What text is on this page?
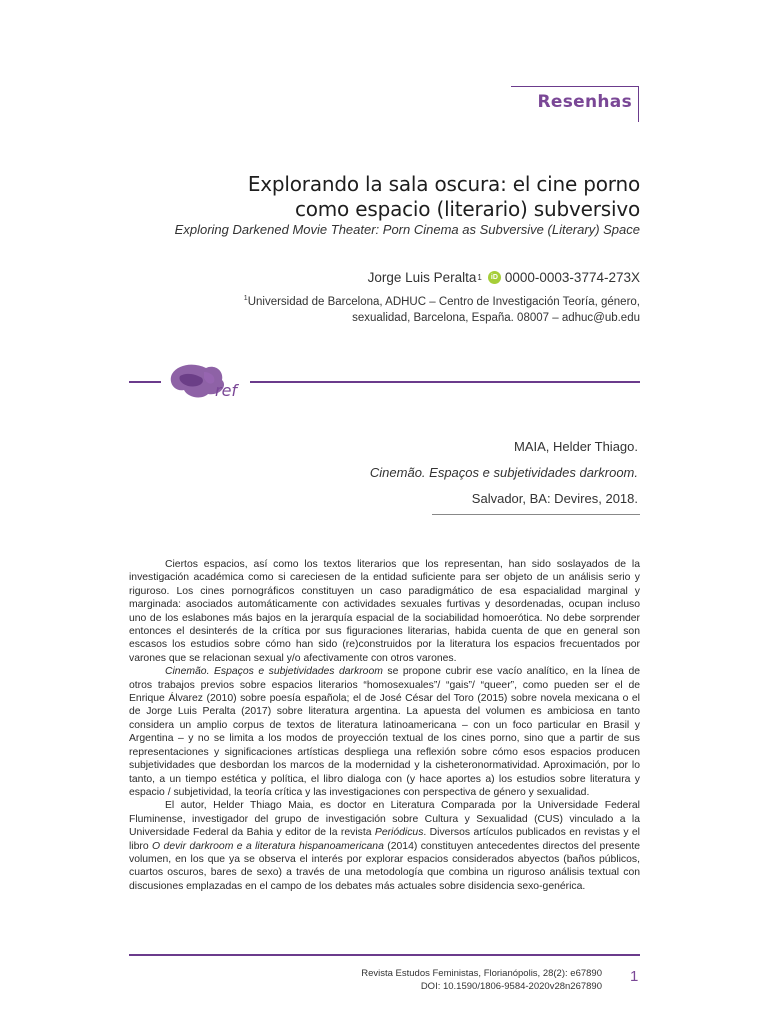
Resenhas
Explorando la sala oscura: el cine porno
como espacio (literario) subversivo
Exploring Darkened Movie Theater: Porn Cinema as Subversive (Literary) Space
Jorge Luis Peralta 1	iD 0000-0003-3774-273X
$^1$Universidad de Barcelona, ADHUC – Centro de Investigación Teoría, género,
sexualidad, Barcelona, España. 08007 – adhuc@ub.edu
ref
MAIA, Helder Thiago.
Cinemão. Espaços e subjetividades darkroom.
Salvador, BA: Devires, 2018.

Ciertos espacios, así como los textos literarios que los representan, han sido soslayados de la investigación académica como si careciesen de la entidad suficiente para ser objeto de un análisis serio y riguroso. Los cines pornográficos constituyen un caso paradigmático de esa espacialidad marginal y marginada: asociados automáticamente con actividades sexuales furtivas y desordenadas, ocupan incluso uno de los eslabones más bajos en la jerarquía espacial de la sociabilidad homoerótica. No debe sorprender entonces el desinterés de la crítica por sus figuraciones literarias, habida cuenta de que en general son escasos los estudios sobre cómo han sido (re)construidos por la literatura los espacios frecuentados por varones que se relacionan sexual y/o afectivamente con otros varones.

Cinemão. Espaços e subjetividades darkroom se propone cubrir ese vacío analítico, en la línea de otros trabajos previos sobre espacios literarios “homosexuales”/ “gais”/ “queer”, como pueden ser el de Enrique Álvarez (2010) sobre poesía española; el de José César del Toro (2015) sobre novela mexicana o el de Jorge Luis Peralta (2017) sobre literatura argentina. La apuesta del volumen es ambiciosa en tanto considera un amplio corpus de textos de literatura latinoamericana – con un foco particular en Brasil y Argentina – y no se limita a los modos de proyección textual de los cines porno, sino que a partir de sus representaciones y significaciones artísticas despliega una reflexión sobre cómo esos espacios producen subjetividades que desbordan los marcos de la modernidad y la cisheteronormatividad. Aproximación, por lo tanto, a un tiempo estética y política, el libro dialoga con (y hace aportes a) los estudios sobre literatura y espacio / subjetividad, la teoría crítica y las investigaciones con perspectiva de género y sexualidad.

El autor, Helder Thiago Maia, es doctor en Literatura Comparada por la Universidade Federal Fluminense, investigador del grupo de investigación sobre Cultura y Sexualidad (CUS) vinculado a la Universidade Federal da Bahia y editor de la revista Periódicus. Diversos artículos publicados en revistas y el libro O devir darkroom e a literatura hispanoamericana (2014) constituyen antecedentes directos del presente volumen, en los que ya se observa el interés por explorar espacios considerados abyectos (baños públicos, cuartos oscuros, bares de sexo) a través de una metodología que combina un riguroso análisis textual con discusiones emplazadas en el campo de los debates más actuales sobre disidencia sexo-genérica.

Revista Estudos Feministas, Florianópolis, 28(2): e67890
DOI: 10.1590/1806-9584-2020v28n267890
1
